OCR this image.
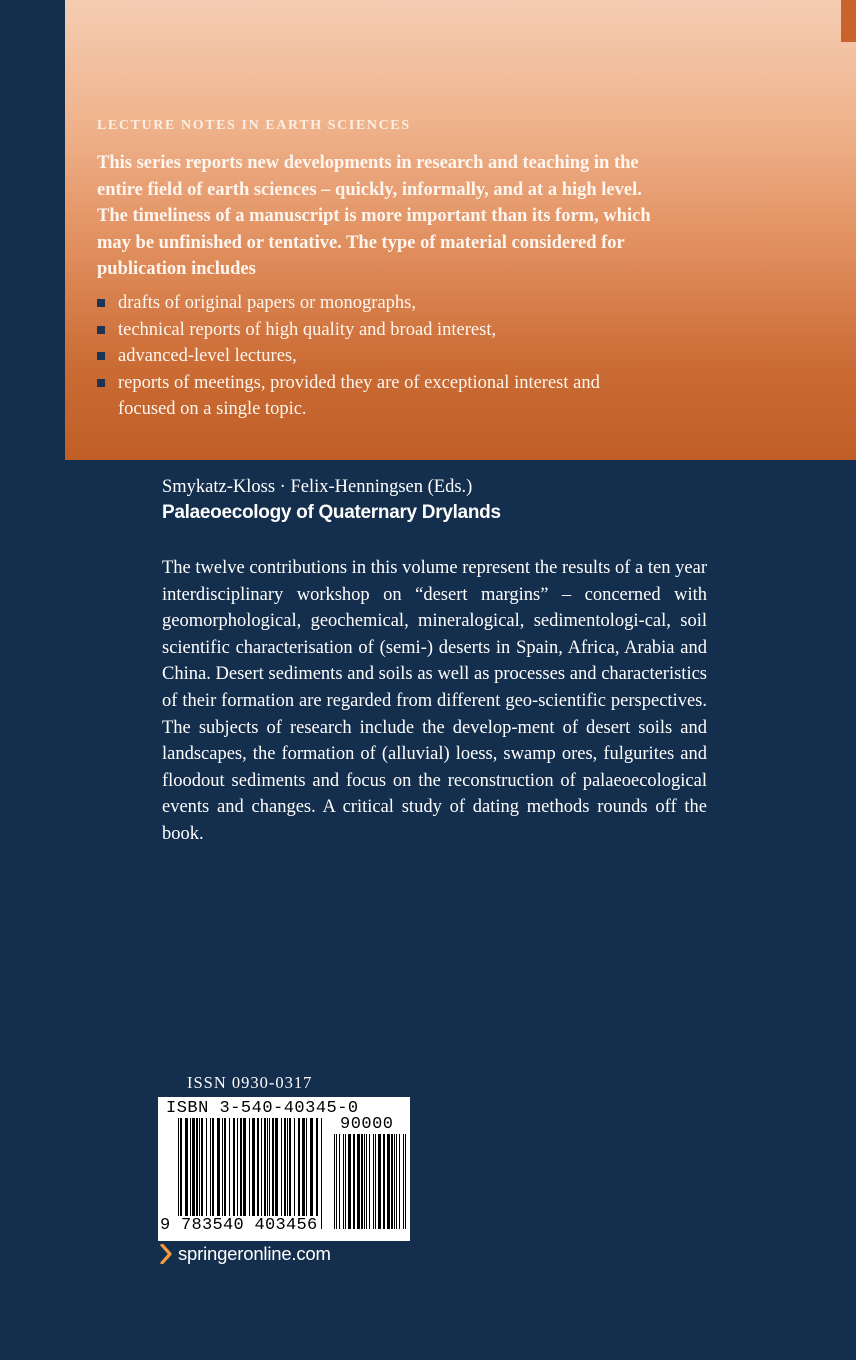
LECTURE NOTES IN EARTH SCIENCES

This series reports new developments in research and teaching in the entire field of earth sciences – quickly, informally, and at a high level. The timeliness of a manuscript is more important than its form, which may be unfinished or tentative. The type of material considered for publication includes

drafts of original papers or monographs,
technical reports of high quality and broad interest,
advanced-level lectures,
reports of meetings, provided they are of exceptional interest and focused on a single topic.

Smykatz-Kloss · Felix-Henningsen (Eds.)

Palaeoecology of Quaternary Drylands

The twelve contributions in this volume represent the results of a ten year interdisciplinary workshop on “desert margins” – concerned with geomorphological, geochemical, mineralogical, sedimentologi-cal, soil scientific characterisation of (semi-) deserts in Spain, Africa, Arabia and China. Desert sediments and soils as well as processes and characteristics of their formation are regarded from different geo-scientific perspectives. The subjects of research include the develop-ment of desert soils and landscapes, the formation of (alluvial) loess, swamp ores, fulgurites and floodout sediments and focus on the reconstruction of palaeoecological events and changes. A critical study of dating methods rounds off the book.

ISSN 0930-0317

ISBN 3-540-40345-0
90000
9 783540 403456
springeronline.com
